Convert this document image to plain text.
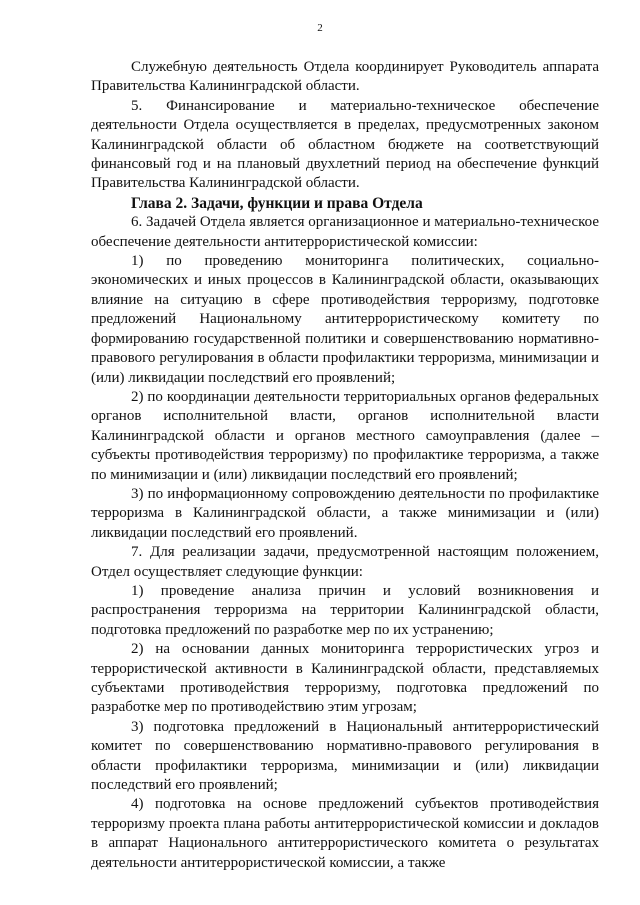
2

Служебную деятельность Отдела координирует Руководитель аппарата Правительства Калининградской области.

5. Финансирование и материально-техническое обеспечение деятельности Отдела осуществляется в пределах, предусмотренных законом Калининградской области об областном бюджете на соответствующий финансовый год и на плановый двухлетний период на обеспечение функций Правительства Калининградской области.

Глава 2. Задачи, функции и права Отдела

6. Задачей Отдела является организационное и материально-техническое обеспечение деятельности антитеррористической комиссии:

1) по проведению мониторинга политических, социально-экономических и иных процессов в Калининградской области, оказывающих влияние на ситуацию в сфере противодействия терроризму, подготовке предложений Национальному антитеррористическому комитету по формированию государственной политики и совершенствованию нормативно-правового регулирования в области профилактики терроризма, минимизации и (или) ликвидации последствий его проявлений;

2) по координации деятельности территориальных органов федеральных органов исполнительной власти, органов исполнительной власти Калининградской области и органов местного самоуправления (далее – субъекты противодействия терроризму) по профилактике терроризма, а также по минимизации и (или) ликвидации последствий его проявлений;

3) по информационному сопровождению деятельности по профилактике терроризма в Калининградской области, а также минимизации и (или) ликвидации последствий его проявлений.

7. Для реализации задачи, предусмотренной настоящим положением, Отдел осуществляет следующие функции:

1) проведение анализа причин и условий возникновения и распространения терроризма на территории Калининградской области, подготовка предложений по разработке мер по их устранению;

2) на основании данных мониторинга террористических угроз и террористической активности в Калининградской области, представляемых субъектами противодействия терроризму, подготовка предложений по разработке мер по противодействию этим угрозам;

3) подготовка предложений в Национальный антитеррористический комитет по совершенствованию нормативно-правового регулирования в области профилактики терроризма, минимизации и (или) ликвидации последствий его проявлений;

4) подготовка на основе предложений субъектов противодействия терроризму проекта плана работы антитеррористической комиссии и докладов в аппарат Национального антитеррористического комитета о результатах деятельности антитеррористической комиссии, а также
